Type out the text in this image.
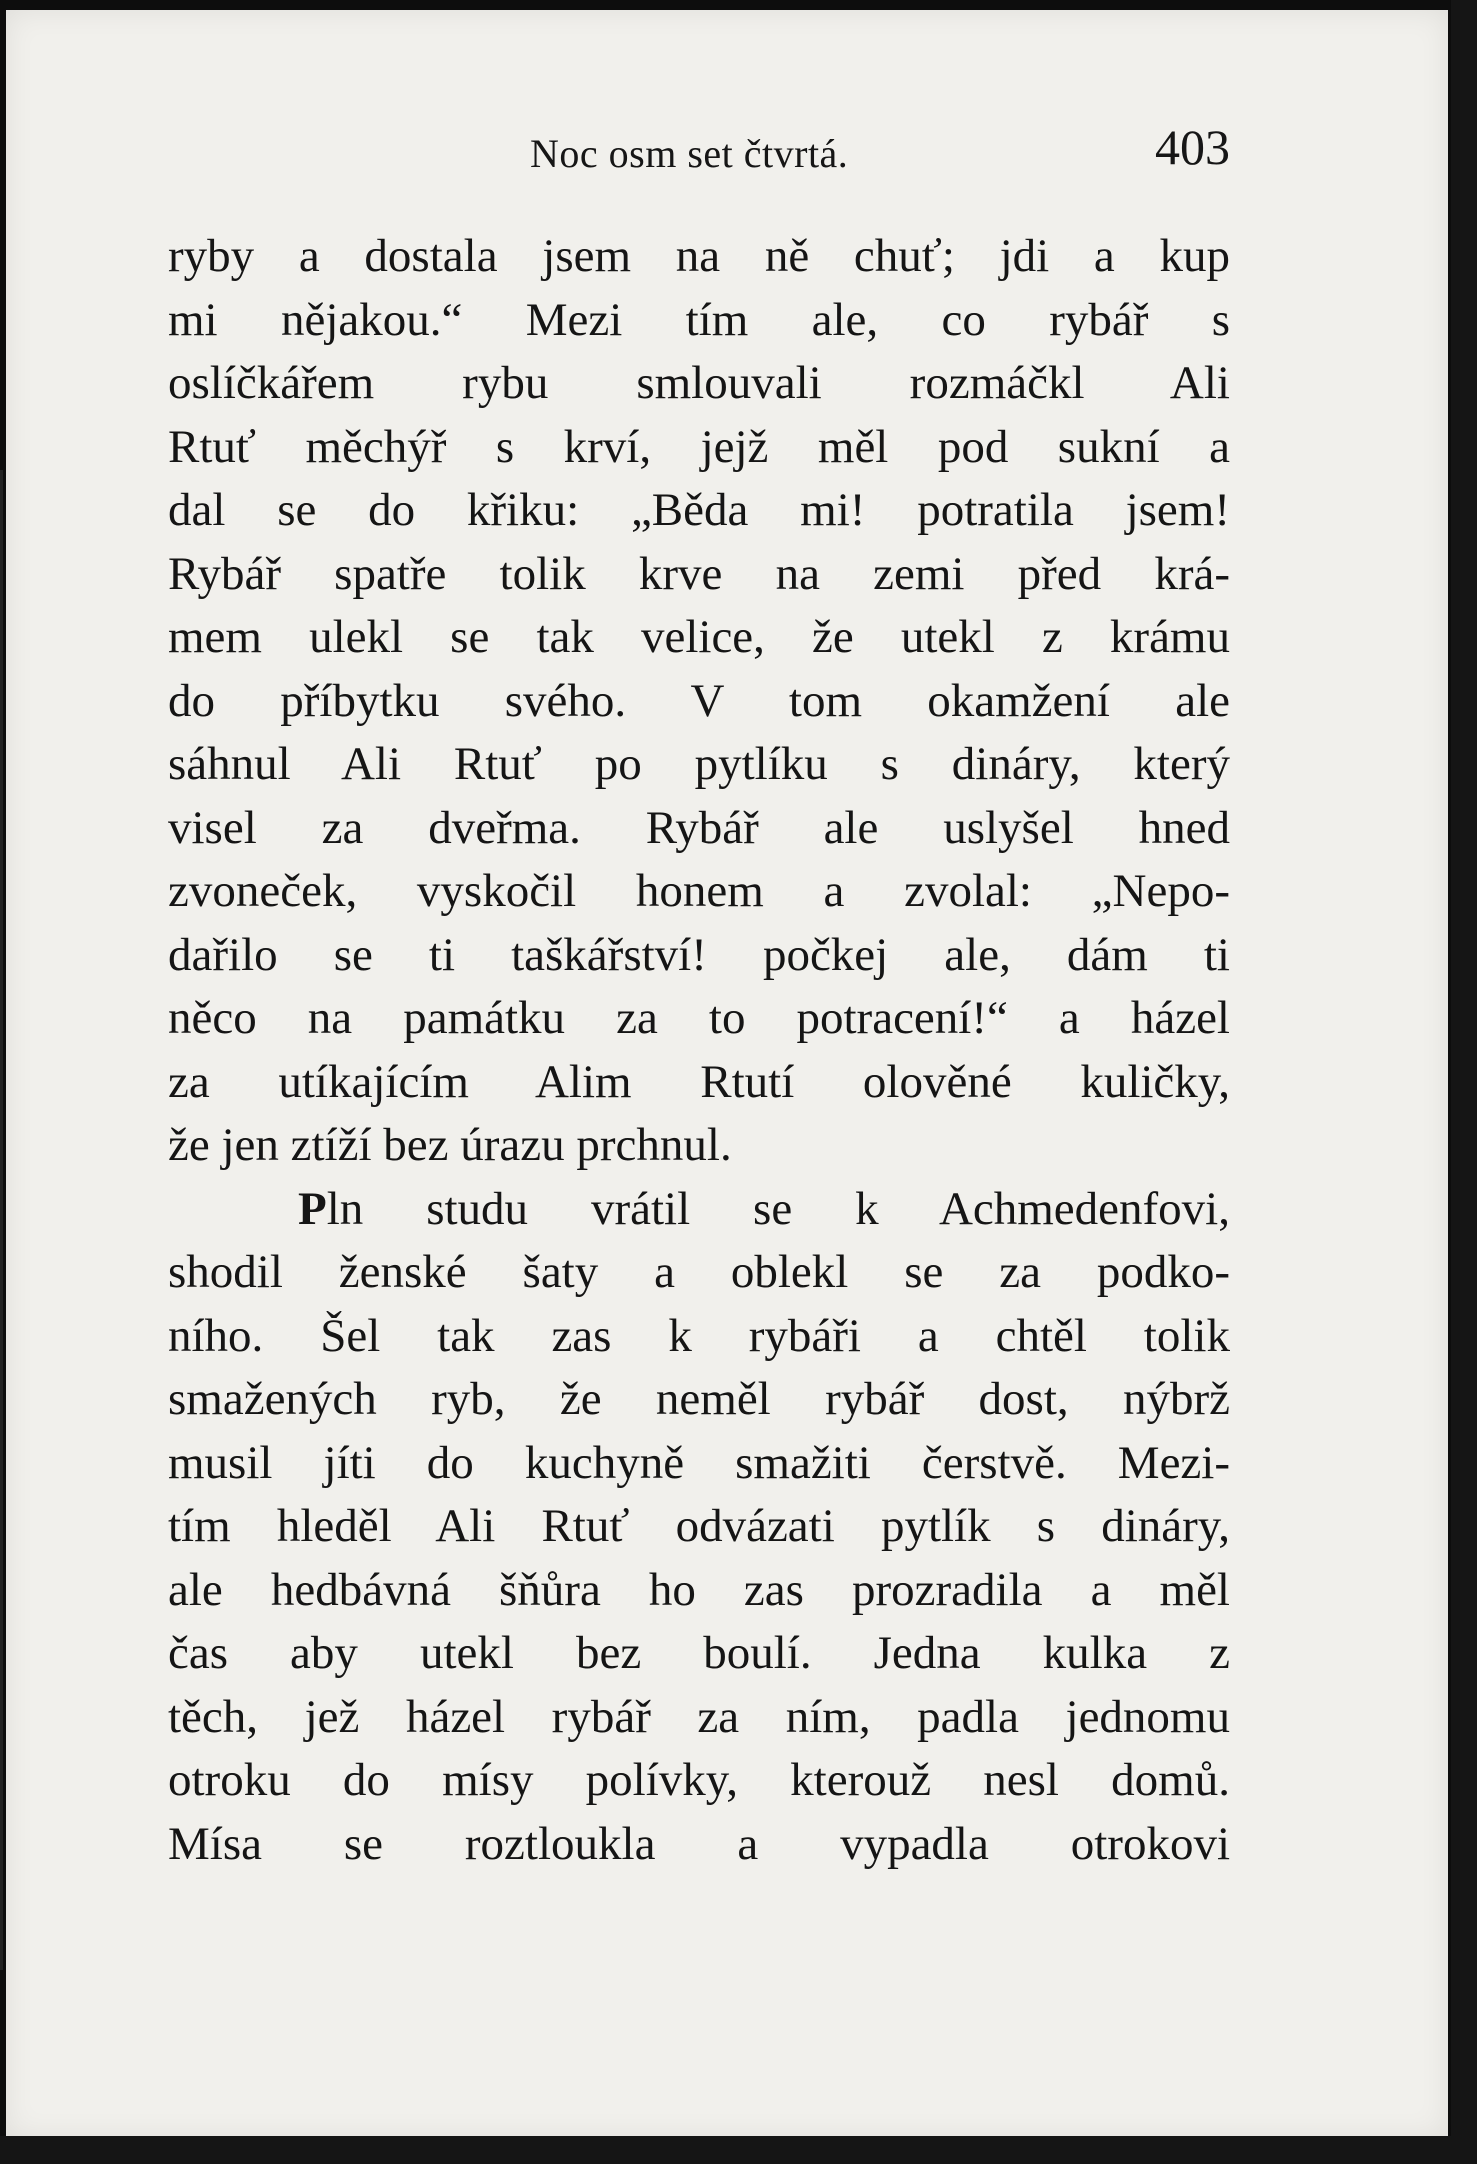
Noc osm set čtvrtá.	403
ryby a dostala jsem na ně chuť; jdi a kup
mi nějakou.“ Mezi tím ale, co rybář s
oslíčkářem rybu smlouvali rozmáčkl Ali
Rtuť měchýř s krví, jejž měl pod sukní a
dal se do křiku: „Běda mi! potratila jsem!
Rybář spatře tolik krve na zemi před krá-
mem ulekl se tak velice, že utekl z krámu
do příbytku svého. V tom okamžení ale
sáhnul Ali Rtuť po pytlíku s dináry, který
visel za dveřma. Rybář ale uslyšel hned
zvoneček, vyskočil honem a zvolal: „Nepo-
dařilo se ti taškářství! počkej ale, dám ti
něco na památku za to potracení!“ a házel
za utíkajícím Alim Rtutí olověné kuličky,
že jen ztíží bez úrazu prchnul.
Pln studu vrátil se k Achmedenfovi,
shodil ženské šaty a oblekl se za podko-
ního. Šel tak zas k rybáři a chtěl tolik
smažených ryb, že neměl rybář dost, nýbrž
musil jíti do kuchyně smažiti čerstvě. Mezi-
tím hleděl Ali Rtuť odvázati pytlík s dináry,
ale hedbávná šňůra ho zas prozradila a měl
čas aby utekl bez boulí. Jedna kulka z
těch, jež házel rybář za ním, padla jednomu
otroku do mísy polívky, kterouž nesl domů.
Mísa se roztloukla a vypadla otrokovi
